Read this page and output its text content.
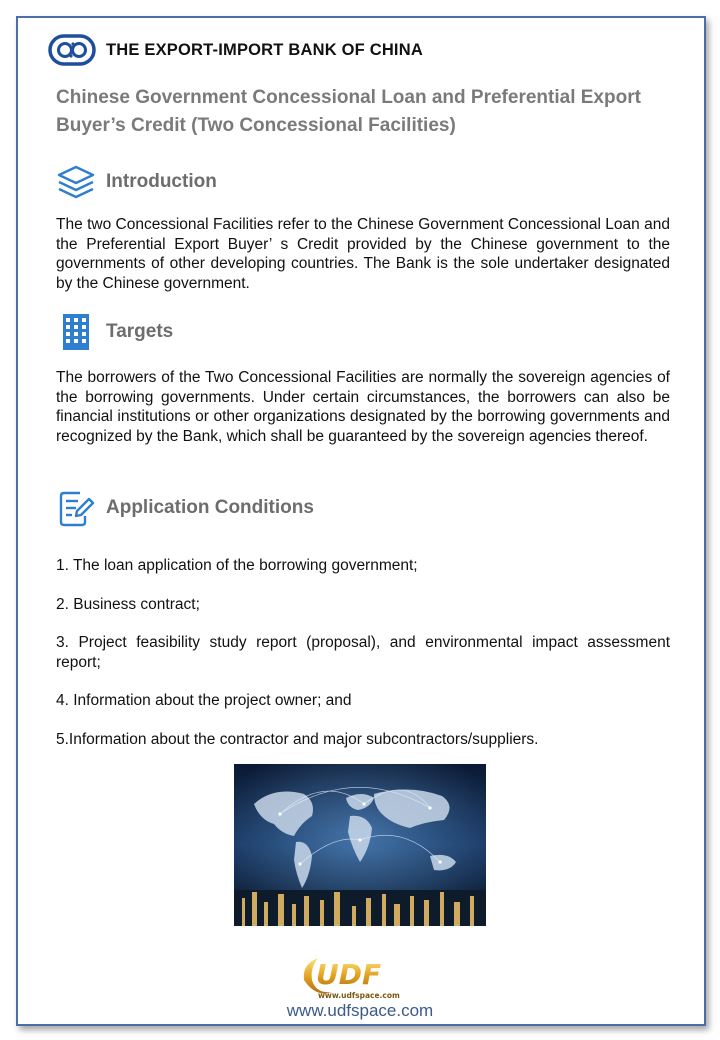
THE EXPORT-IMPORT BANK OF CHINA
Chinese Government Concessional Loan and Preferential Export Buyer’s Credit (Two Concessional Facilities)
Introduction
The two Concessional Facilities refer to the Chinese Government Concessional Loan and the Preferential Export Buyer’ s Credit provided by the Chinese government to the governments of other developing countries. The Bank is the sole undertaker designated by the Chinese government.
Targets
The borrowers of the Two Concessional Facilities are normally the sovereign agencies of the borrowing governments. Under certain circumstances, the borrowers can also be financial institutions or other organizations designated by the borrowing governments and recognized by the Bank, which shall be guaranteed by the sovereign agencies thereof.
Application Conditions
1. The loan application of the borrowing government;
2. Business contract;
3. Project feasibility study report (proposal), and environmental impact assessment report;
4. Information about the project owner; and
5.Information about the contractor and major subcontractors/suppliers.
UDF
www.udfspace.com
www.udfspace.com
